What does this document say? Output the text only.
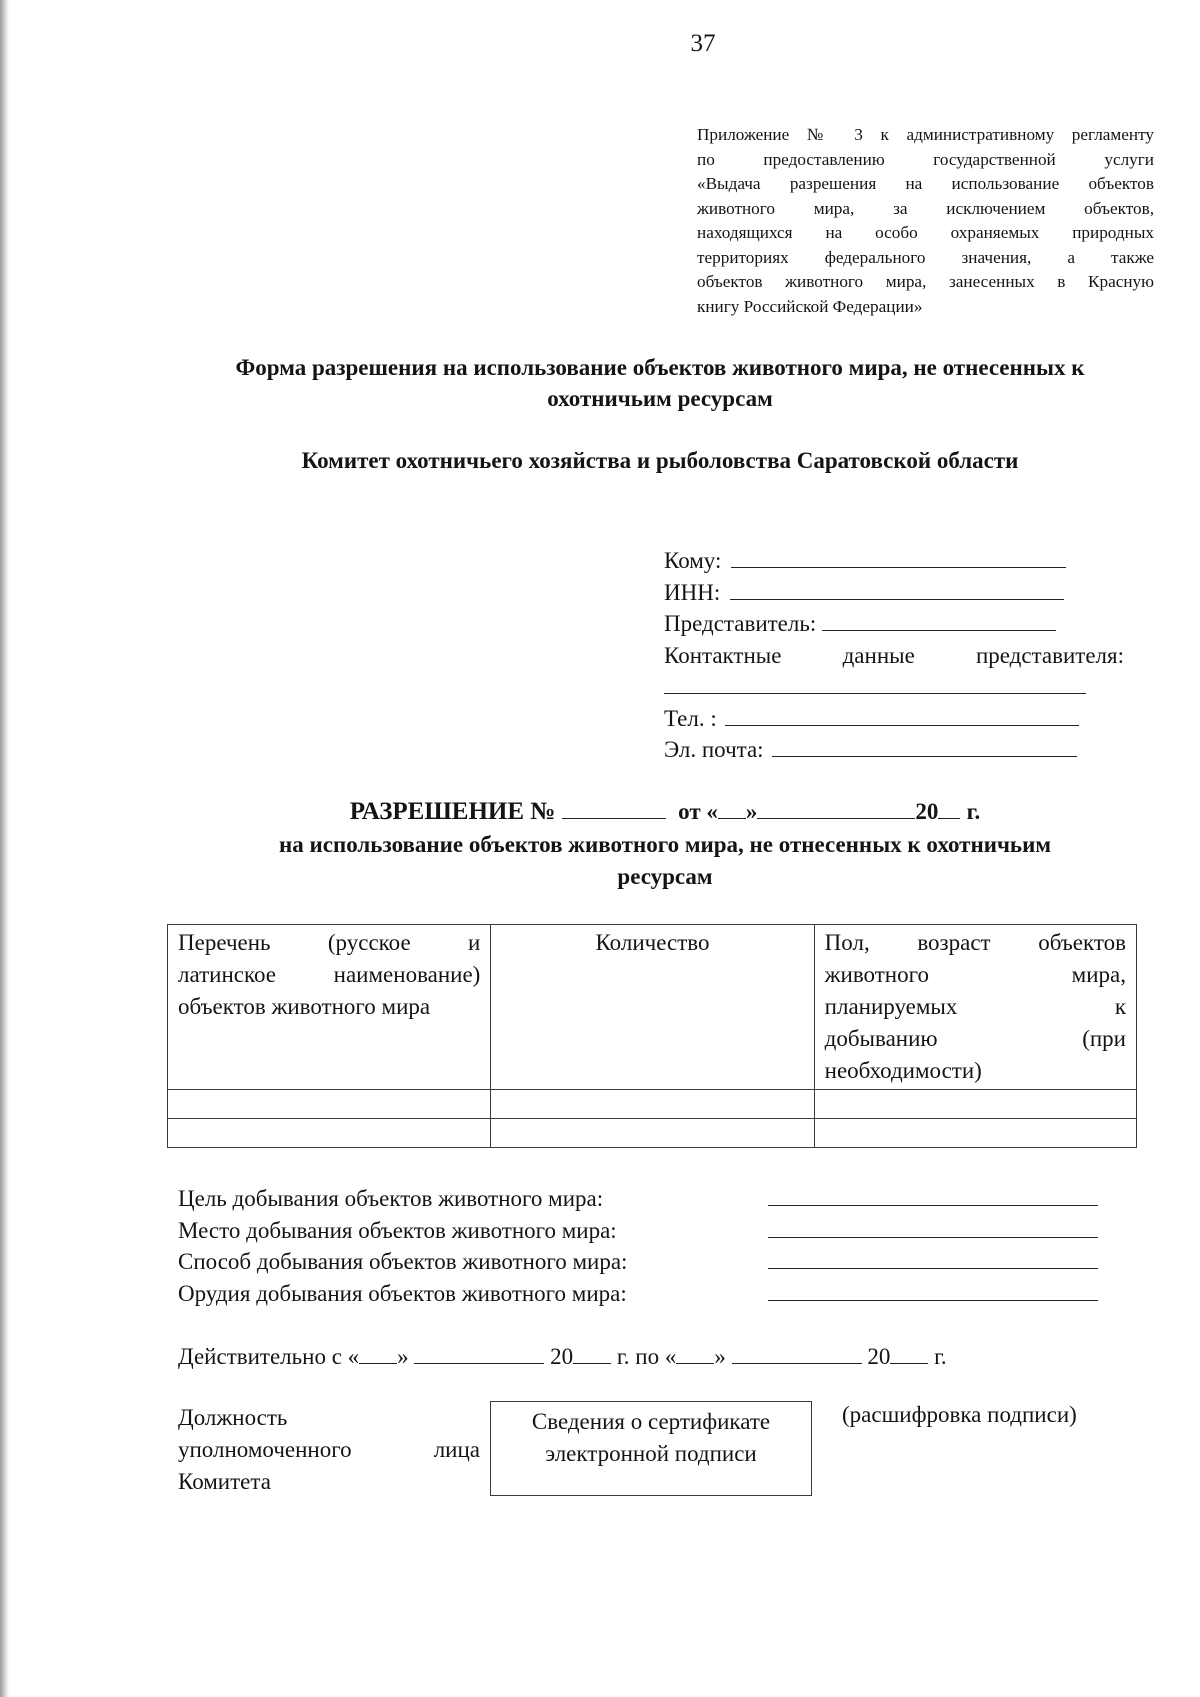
37
Приложение № 3 к административному регламенту
по предоставлению государственной услуги
«Выдача разрешения на использование объектов
животного мира, за исключением объектов,
находящихся на особо охраняемых природных
территориях федерального значения, а также
объектов животного мира, занесенных в Красную
книгу Российской Федерации»
Форма разрешения на использование объектов животного мира, не отнесенных к
охотничьим ресурсам
Комитет охотничьего хозяйства и рыболовства Саратовской области
Кому:
ИНН:
Представитель:
Контактные	данные	представителя:
Тел. :
Эл. почта:
РАЗРЕШЕНИЕ №	от « »	20 г.
на использование объектов животного мира, не отнесенных к охотничьим
ресурсам
Перечень (русское и
латинское наименование)
объектов животного мира	Количество	Пол, возраст объектов
животного мира,
планируемых к
добыванию (при
необходимости)

Цель добывания объектов животного мира:
Место добывания объектов животного мира:
Способ добывания объектов животного мира:
Орудия добывания объектов животного мира:
Действительно с « »	20 г. по « »	20 г.
Должность
уполномоченного лица
Комитета
Сведения о сертификате
электронной подписи
(расшифровка подписи)
